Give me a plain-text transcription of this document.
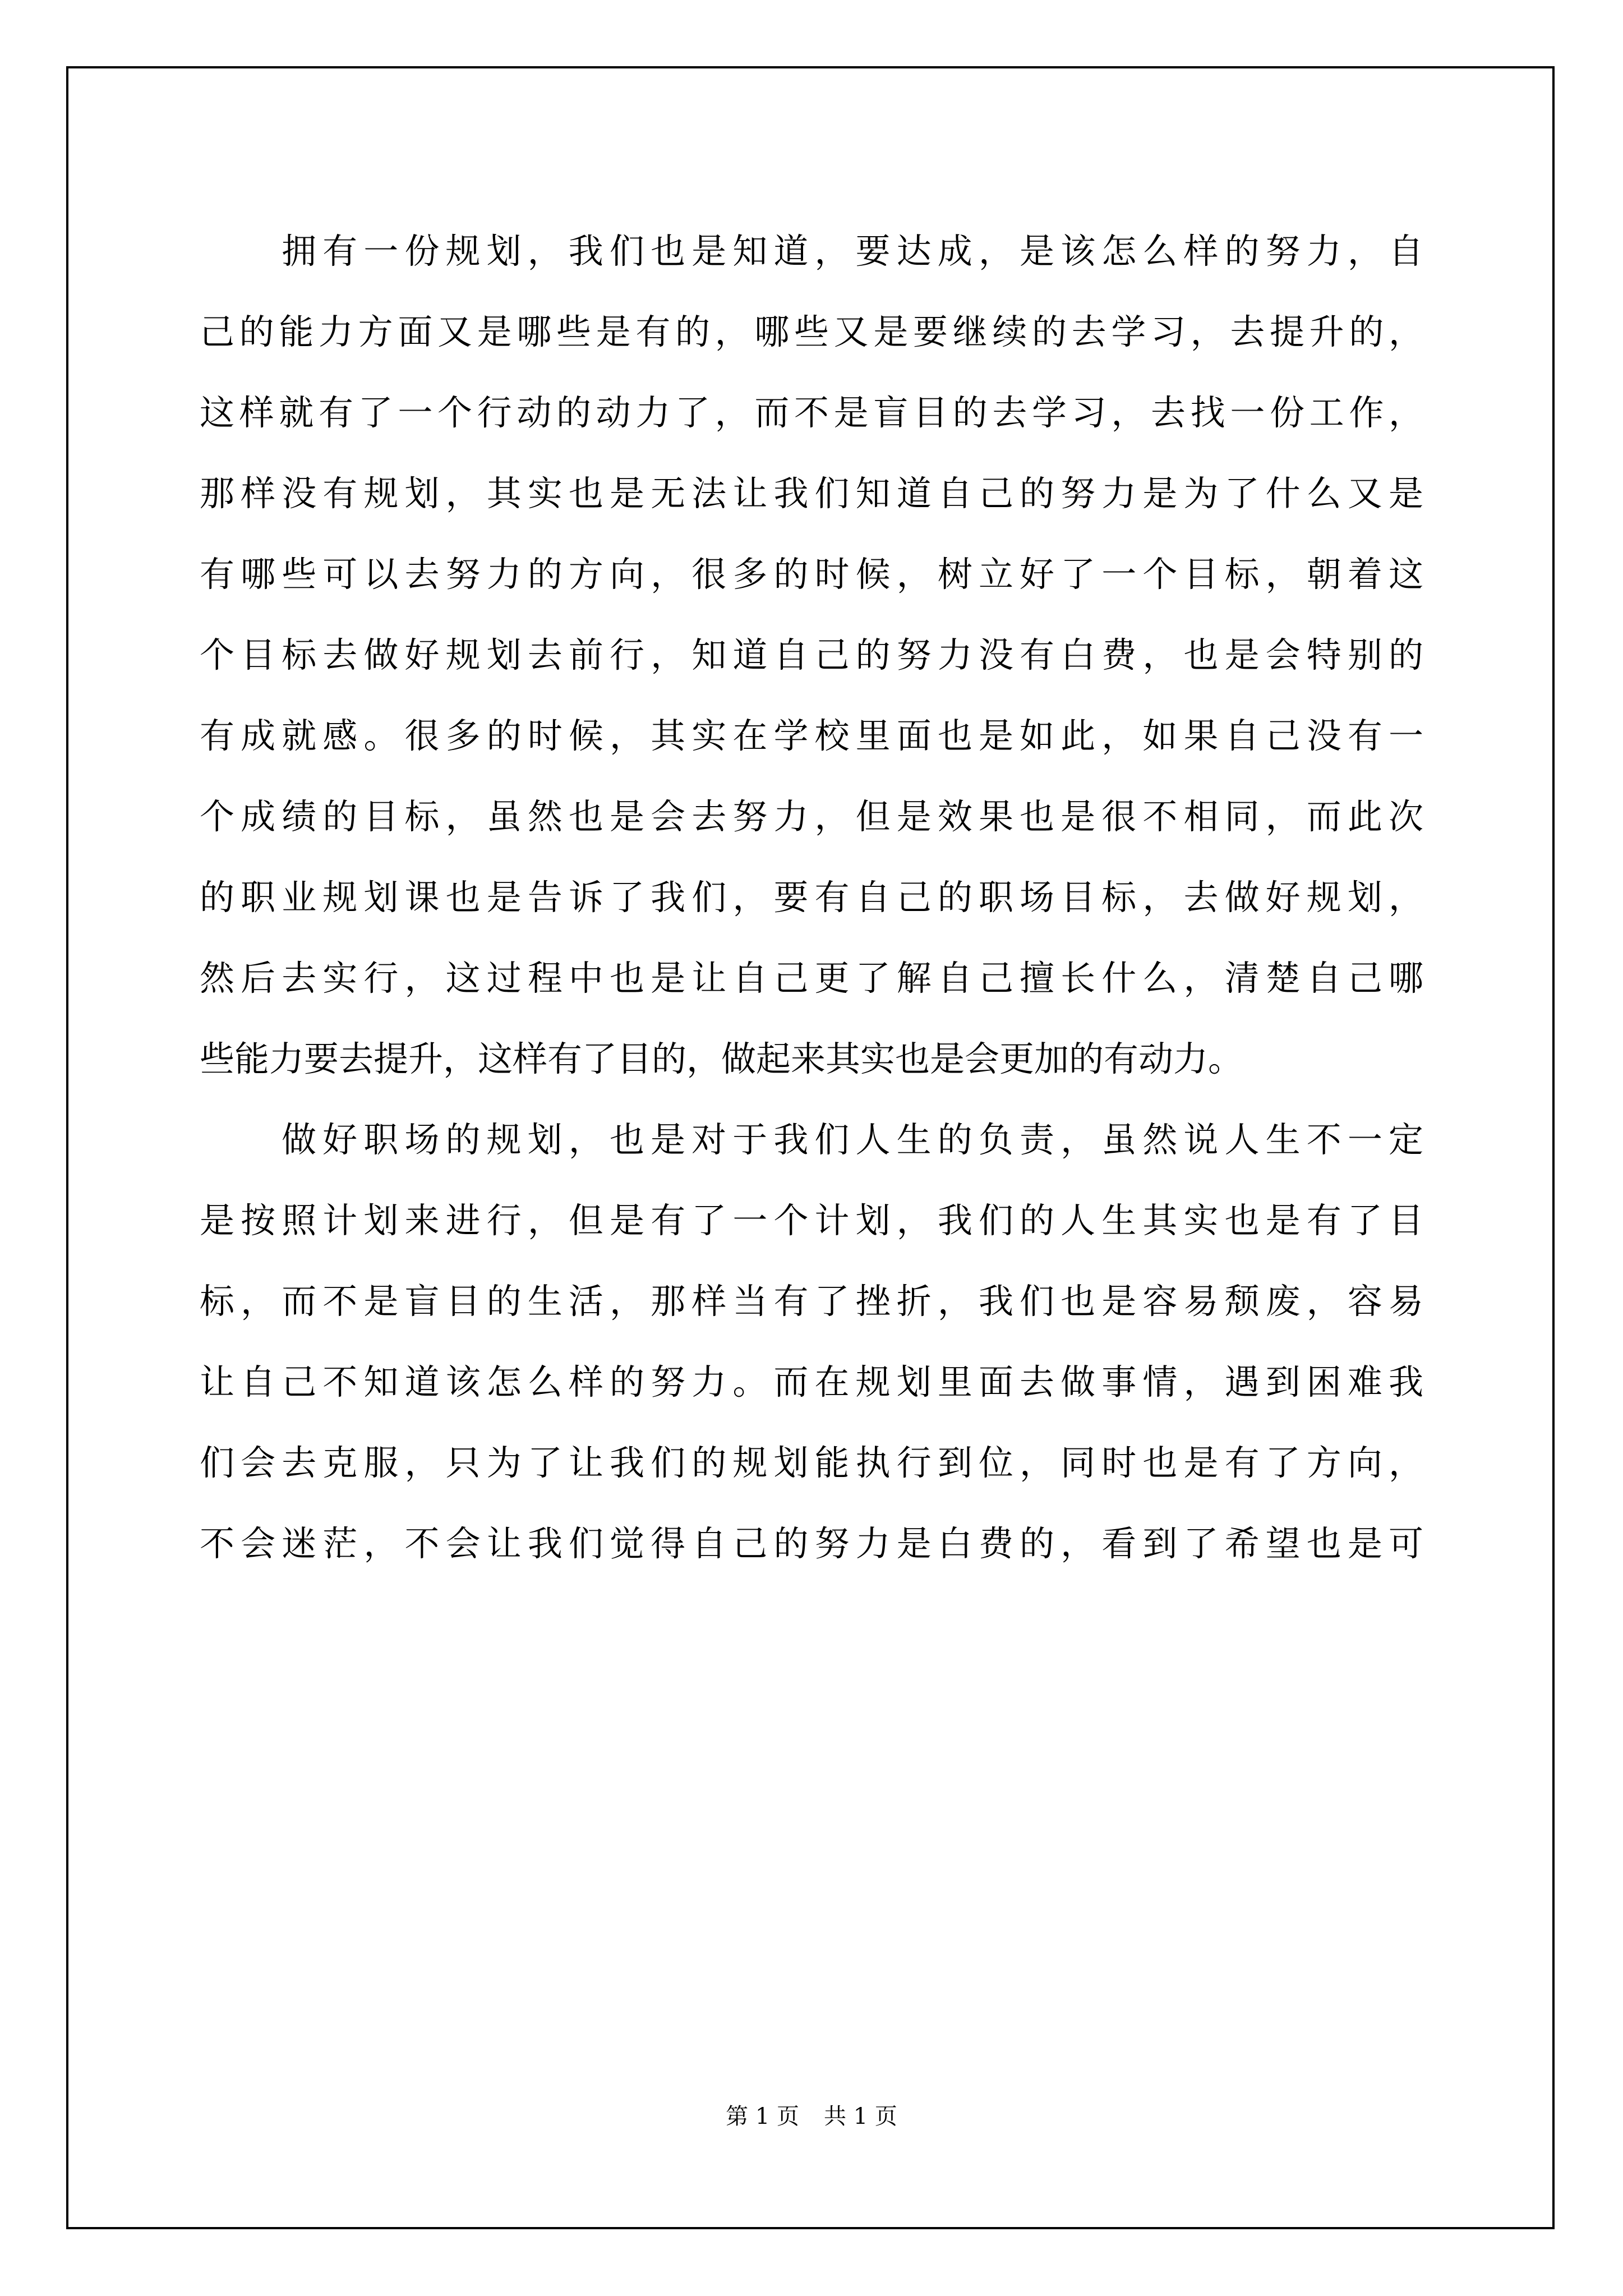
拥有一份规划，我们也是知道，要达成，是该怎么样的努力，自

己的能力方面又是哪些是有的，哪些又是要继续的去学习，去提升的，

这样就有了一个行动的动力了，而不是盲目的去学习，去找一份工作，

那样没有规划，其实也是无法让我们知道自己的努力是为了什么又是

有哪些可以去努力的方向，很多的时候，树立好了一个目标，朝着这

个目标去做好规划去前行，知道自己的努力没有白费，也是会特别的

有成就感。很多的时候，其实在学校里面也是如此，如果自己没有一

个成绩的目标，虽然也是会去努力，但是效果也是很不相同，而此次

的职业规划课也是告诉了我们，要有自己的职场目标，去做好规划，

然后去实行，这过程中也是让自己更了解自己擅长什么，清楚自己哪

些能力要去提升，这样有了目的，做起来其实也是会更加的有动力。

做好职场的规划，也是对于我们人生的负责，虽然说人生不一定

是按照计划来进行，但是有了一个计划，我们的人生其实也是有了目

标，而不是盲目的生活，那样当有了挫折，我们也是容易颓废，容易

让自己不知道该怎么样的努力。而在规划里面去做事情，遇到困难我

们会去克服，只为了让我们的规划能执行到位，同时也是有了方向，

不会迷茫，不会让我们觉得自己的努力是白费的，看到了希望也是可

第 1 页 共 1 页
